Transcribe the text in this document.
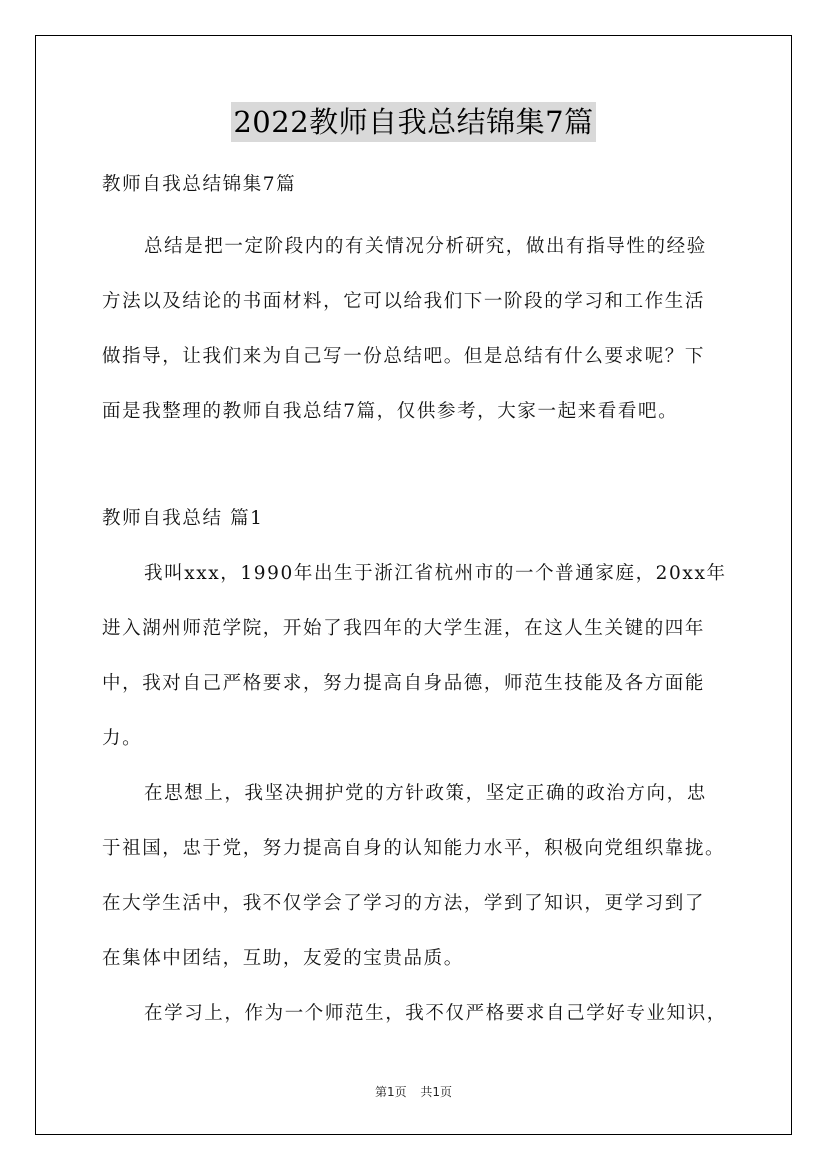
2022教师自我总结锦集7篇
教师自我总结锦集7篇
总结是把一定阶段内的有关情况分析研究，做出有指导性的经验
方法以及结论的书面材料，它可以给我们下一阶段的学习和工作生活
做指导，让我们来为自己写一份总结吧。但是总结有什么要求呢？下
面是我整理的教师自我总结7篇，仅供参考，大家一起来看看吧。
教师自我总结 篇1
我叫xxx，1990年出生于浙江省杭州市的一个普通家庭，20xx年
进入湖州师范学院，开始了我四年的大学生涯，在这人生关键的四年
中，我对自己严格要求，努力提高自身品德，师范生技能及各方面能
力。
在思想上，我坚决拥护党的方针政策，坚定正确的政治方向，忠
于祖国，忠于党，努力提高自身的认知能力水平，积极向党组织靠拢。
在大学生活中，我不仅学会了学习的方法，学到了知识，更学习到了
在集体中团结，互助，友爱的宝贵品质。
在学习上，作为一个师范生，我不仅严格要求自己学好专业知识，
第1页 共1页
